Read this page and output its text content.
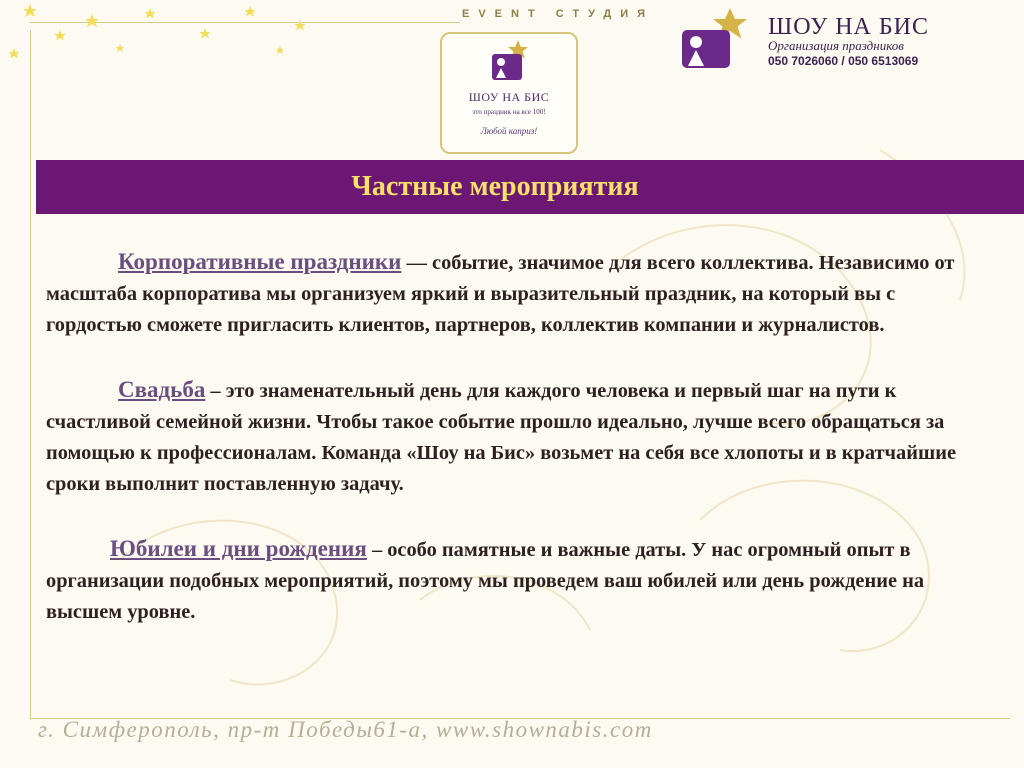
EVENT СТУДИЯ
ШОУ НА БИС
это праздник на все 100!
Любой каприз!
ШОУ НА БИС
Организация праздников
050 7026060 / 050 6513069
Частные мероприятия

Корпоративные праздники — событие, значимое для всего коллектива. Независимо от масштаба корпоратива мы организуем яркий и выразительный праздник, на который вы с гордостью сможете пригласить клиентов, партнеров, коллектив компании и журналистов.

Свадьба – это знаменательный день для каждого человека и первый шаг на пути к счастливой семейной жизни. Чтобы такое событие прошло идеально, лучше всего обращаться за помощью к профессионалам. Команда «Шоу на Бис» возьмет на себя все хлопоты и в кратчайшие сроки выполнит поставленную задачу.

Юбилеи и дни рождения – особо памятные и важные даты. У нас огромный опыт в организации подобных мероприятий, поэтому мы проведем ваш юбилей или день рождение на высшем уровне.

г. Симферополь, пр-т Победы61-а, www.shownabis.com
